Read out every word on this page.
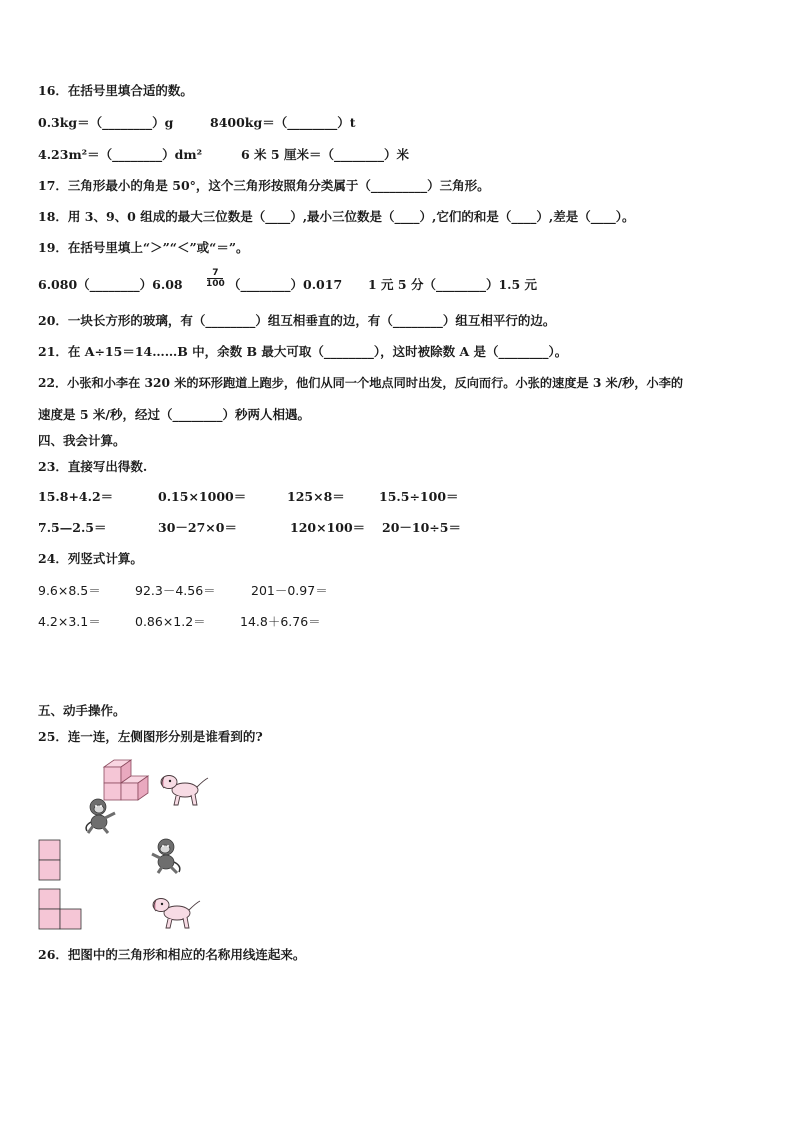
16．在括号里填合适的数。
0.3kg＝（________）g	8400kg＝（________）t
4.23m²＝（________）dm²	6 米 5 厘米＝（________）米
17．三角形最小的角是 50°，这个三角形按照角分类属于（_________）三角形。
18．用 3、9、0 组成的最大三位数是（____）,最小三位数是（____）,它们的和是（____）,差是（____）。
19．在括号里填上“＞”“＜”或“＝”。
6.080（________）6.08
7
100 （________）0.017 1 元 5 分（________）1.5 元
20．一块长方形的玻璃，有（________）组互相垂直的边，有（________）组互相平行的边。
21．在 A÷15＝14……B 中，余数 B 最大可取（________），这时被除数 A 是（________）。
22．小张和小李在 320 米的环形跑道上跑步，他们从同一个地点同时出发，反向而行。小张的速度是 3 米/秒，小李的
速度是 5 米/秒，经过（________）秒两人相遇。
四、我会计算。
23．直接写出得数.
15.8+4.2＝	0.15×1000＝	125×8＝	15.5÷100＝
7.5—2.5＝	30－27×0＝	120×100＝ 20－10÷5＝
24．列竖式计算。
9.6×8.5＝	92.3－4.56＝	201－0.97＝
4.2×3.1＝	0.86×1.2＝	14.8＋6.76＝
五、动手操作。
25．连一连，左侧图形分别是谁看到的?
26．把图中的三角形和相应的名称用线连起来。
